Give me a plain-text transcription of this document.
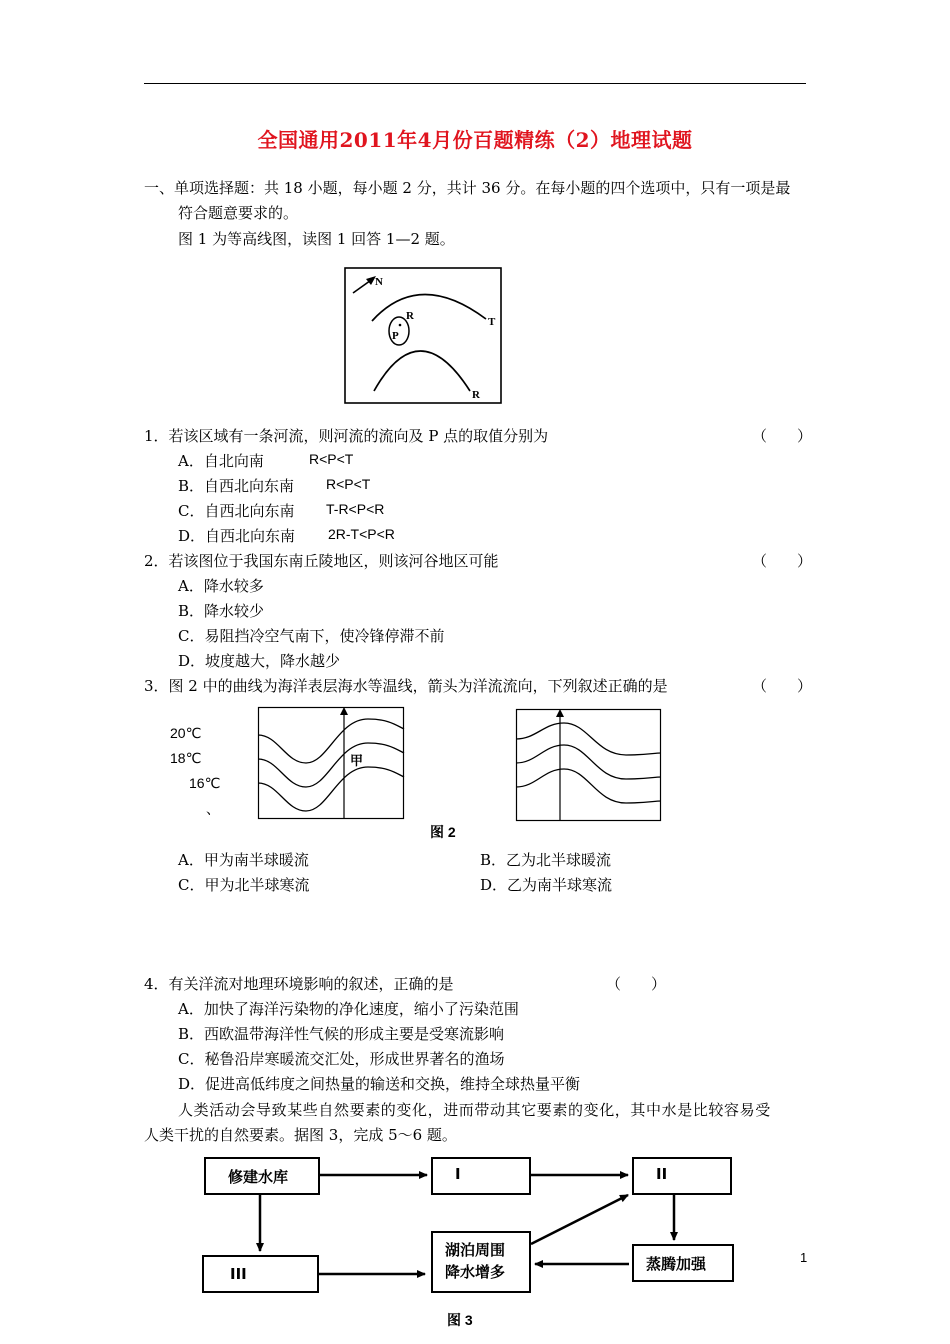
全国通用2011年4月份百题精练（2）地理试题
一、单项选择题：共 18 小题，每小题 2 分，共计 36 分。在每小题的四个选项中，只有一项是最
符合题意要求的。
图 1 为等高线图，读图 1 回答 1—2 题。
N
T
P
R
R
1．若该区域有一条河流，则河流的流向及 P 点的取值分别为	（　　）
A．自北向南	R<P<T
B．自西北向东南 R<P<T
C．自西北向东南 T-R<P<R
D．自西北向东南 2R-T<P<R
2．若该图位于我国东南丘陵地区，则该河谷地区可能	（　　）
A．降水较多
B．降水较少
C．易阻挡冷空气南下，使冷锋停滞不前
D．坡度越大，降水越少
3．图 2 中的曲线为海洋表层海水等温线，箭头为洋流流向，下列叙述正确的是	（　　）
20℃
18℃
16℃
、
甲
图 2
A．甲为南半球暖流	B．乙为北半球暖流
C．甲为北半球寒流	D．乙为南半球寒流
4．有关洋流对地理环境影响的叙述，正确的是	（　　）
A．加快了海洋污染物的净化速度，缩小了污染范围
B．西欧温带海洋性气候的形成主要是受寒流影响
C．秘鲁沿岸寒暖流交汇处，形成世界著名的渔场
D．促进高低纬度之间热量的输送和交换，维持全球热量平衡
人类活动会导致某些自然要素的变化，进而带动其它要素的变化，其中水是比较容易受
人类干扰的自然要素。据图 3，完成 5～6 题。
修建水库	I	II
III
湖泊周围
降水增多	蒸腾加强
图 3
1
